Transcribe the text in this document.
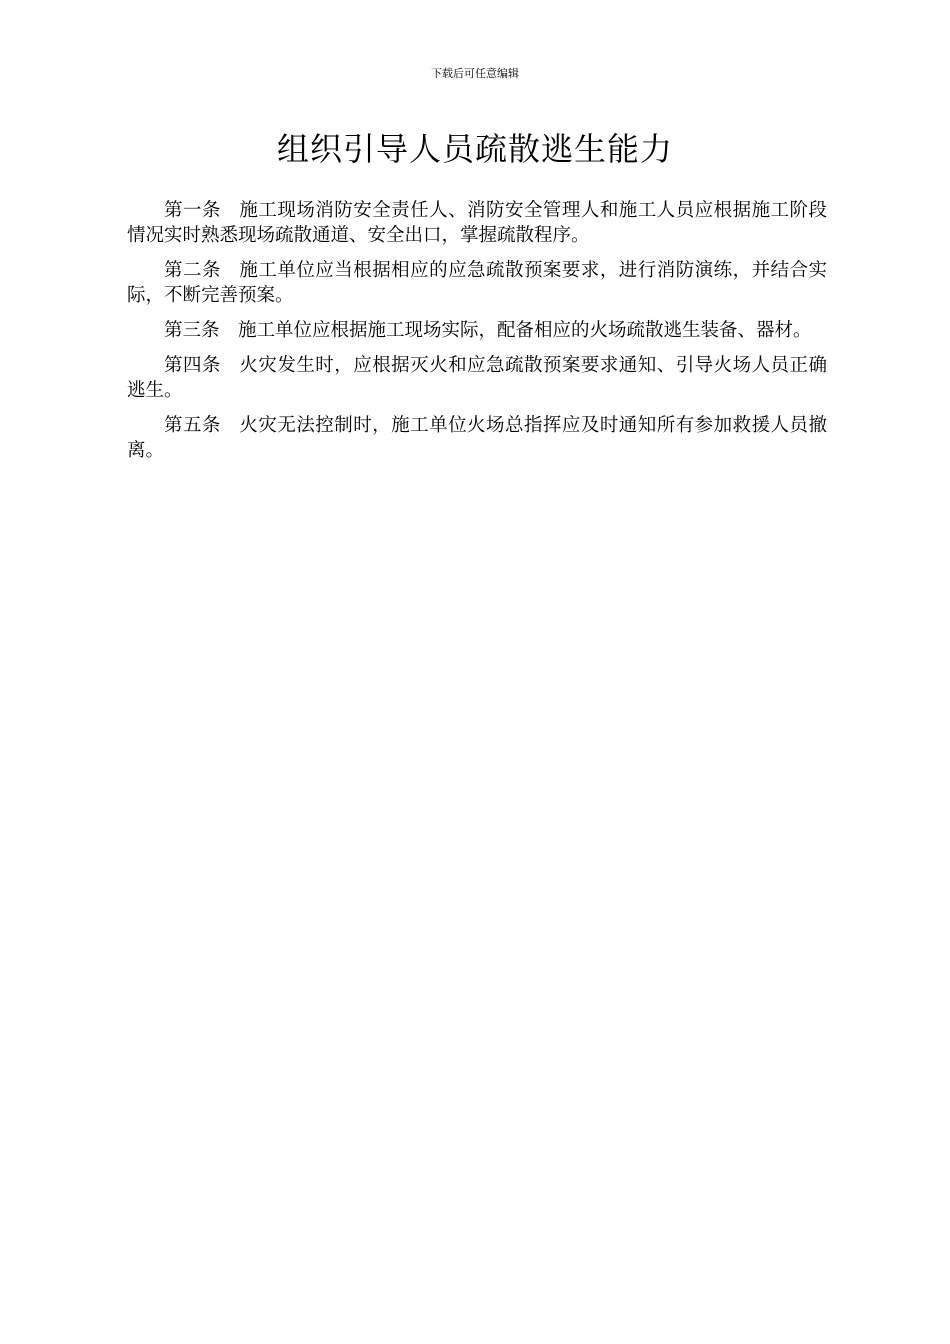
下载后可任意编辑
组织引导人员疏散逃生能力

第一条 施工现场消防安全责任人、消防安全管理人和施工人员应根据施工阶段情况实时熟悉现场疏散通道、安全出口，掌握疏散程序。

第二条 施工单位应当根据相应的应急疏散预案要求，进行消防演练，并结合实际，不断完善预案。

第三条 施工单位应根据施工现场实际，配备相应的火场疏散逃生装备、器材。

第四条 火灾发生时，应根据灭火和应急疏散预案要求通知、引导火场人员正确逃生。

第五条 火灾无法控制时，施工单位火场总指挥应及时通知所有参加救援人员撤离。
